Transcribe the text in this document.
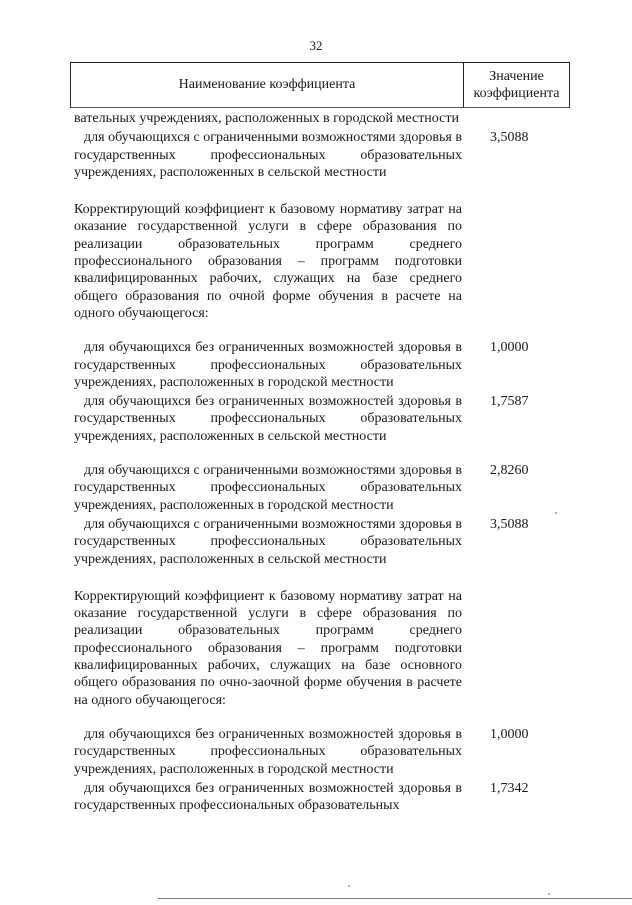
32
Наименование коэффициента
Значение
коэффициента
вательных учреждениях, расположенных в городской местности
для обучающихся с ограниченными возможностями здоровья в государственных профессиональных образовательных учреждениях, расположенных в сельской местности
3,5088
Корректирующий коэффициент к базовому нормативу затрат на оказание государственной услуги в сфере образования по реализации образовательных программ среднего профессионального образования – программ подготовки квалифицированных рабочих, служащих на базе среднего общего образования по очной форме обучения в расчете на одного обучающегося:
для обучающихся без ограниченных возможностей здоровья в государственных профессиональных образовательных учреждениях, расположенных в городской местности
1,0000
для обучающихся без ограниченных возможностей здоровья в государственных профессиональных образовательных учреждениях, расположенных в сельской местности
1,7587
для обучающихся с ограниченными возможностями здоровья в государственных профессиональных образовательных учреждениях, расположенных в городской местности
2,8260
для обучающихся с ограниченными возможностями здоровья в государственных профессиональных образовательных учреждениях, расположенных в сельской местности
3,5088
Корректирующий коэффициент к базовому нормативу затрат на оказание государственной услуги в сфере образования по реализации образовательных программ среднего профессионального образования – программ подготовки квалифицированных рабочих, служащих на базе основного общего образования по очно-заочной форме обучения в расчете на одного обучающегося:
для обучающихся без ограниченных возможностей здоровья в государственных профессиональных образовательных учреждениях, расположенных в городской местности
1,0000
для обучающихся без ограниченных возможностей здоровья в государственных профессиональных образовательных
1,7342
